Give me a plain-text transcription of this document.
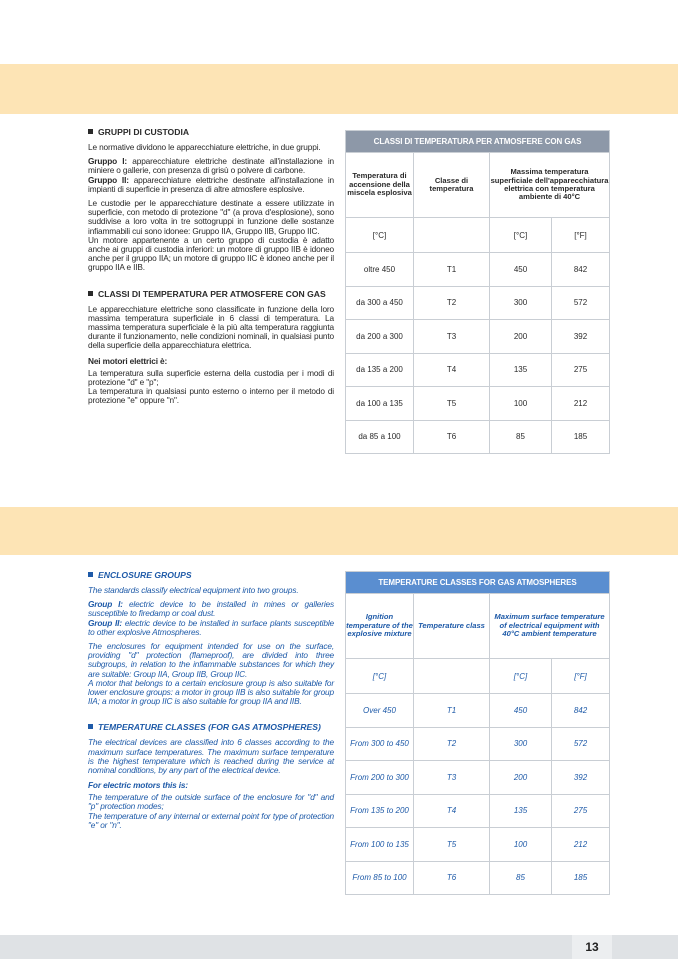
GRUPPI DI CUSTODIA

Le normative dividono le apparecchiature elettriche, in due gruppi.

Gruppo I: apparecchiature elettriche destinate all'installazione in miniere o gallerie, con presenza di grisù o polvere di carbone.

Gruppo II: apparecchiature elettriche destinate all'installazione in impianti di superficie in presenza di altre atmosfere esplosive.

Le custodie per le apparecchiature destinate a essere utilizzate in superficie, con metodo di protezione "d" (a prova d'esplosione), sono suddivise a loro volta in tre sottogruppi in funzione delle sostanze infiammabili cui sono idonee: Gruppo IIA, Gruppo IIB, Gruppo IIC.

Un motore appartenente a un certo gruppo di custodia è adatto anche ai gruppi di custodia inferiori: un motore di gruppo IIB è idoneo anche per il gruppo IIA; un motore di gruppo IIC è idoneo anche per il gruppo IIA e IIB.

CLASSI DI TEMPERATURA PER ATMOSFERE CON GAS

Le apparecchiature elettriche sono classificate in funzione della loro massima temperatura superficiale in 6 classi di temperatura. La massima temperatura superficiale è la più alta temperatura raggiunta durante il funzionamento, nelle condizioni nominali, in qualsiasi punto della superficie della apparecchiatura elettrica.

Nei motori elettrici è:

La temperatura sulla superficie esterna della custodia per i modi di protezione "d" e "p";

La temperatura in qualsiasi punto esterno o interno per il metodo di protezione "e" oppure "n".

CLASSI DI TEMPERATURA PER ATMOSFERE CON GAS			
Temperatura di accensione della miscela esplosiva	Classe di temperatura	Massima temperatura superficiale dell'apparecchiatura elettrica con temperatura ambiente di 40°C	
[°C]		[°C]	[°F]
oltre 450	T1	450	842
da 300 a 450	T2	300	572
da 200 a 300	T3	200	392
da 135 a 200	T4	135	275
da 100 a 135	T5	100	212
da 85 a 100	T6	85	185
ENCLOSURE GROUPS

The standards classify electrical equipment into two groups.

Group I: electric device to be installed in mines or galleries susceptible to firedamp or coal dust.

Group II: electric device to be installed in surface plants susceptible to other explosive Atmospheres.

The enclosures for equipment intended for use on the surface, providing "d" protection (flameproof), are divided into three subgroups, in relation to the inflammable substances for which they are suitable: Group IIA, Group IIB, Group IIC.

A motor that belongs to a certain enclosure group is also suitable for lower enclosure groups: a motor in group IIB is also suitable for group IIA; a motor in group IIC is also suitable for group IIA and IIB.

TEMPERATURE CLASSES (FOR GAS ATMOSPHERES)

The electrical devices are classified into 6 classes according to the maximum surface temperatures. The maximum surface temperature is the highest temperature which is reached during the service at nominal conditions, by any part of the electrical device.

For electric motors this is:

The temperature of the outside surface of the enclosure for "d" and "p" protection modes;

The temperature of any internal or external point for type of protection "e" or "n".

TEMPERATURE CLASSES FOR GAS ATMOSPHERES			
Ignition temperature of the explosive mixture	Temperature class	Maximum surface temperature of electrical equipment with 40°C ambient temperature	
[°C]		[°C]	[°F]
Over 450	T1	450	842
From 300 to 450	T2	300	572
From 200 to 300	T3	200	392
From 135 to 200	T4	135	275
From 100 to 135	T5	100	212
From 85 to 100	T6	85	185
13
